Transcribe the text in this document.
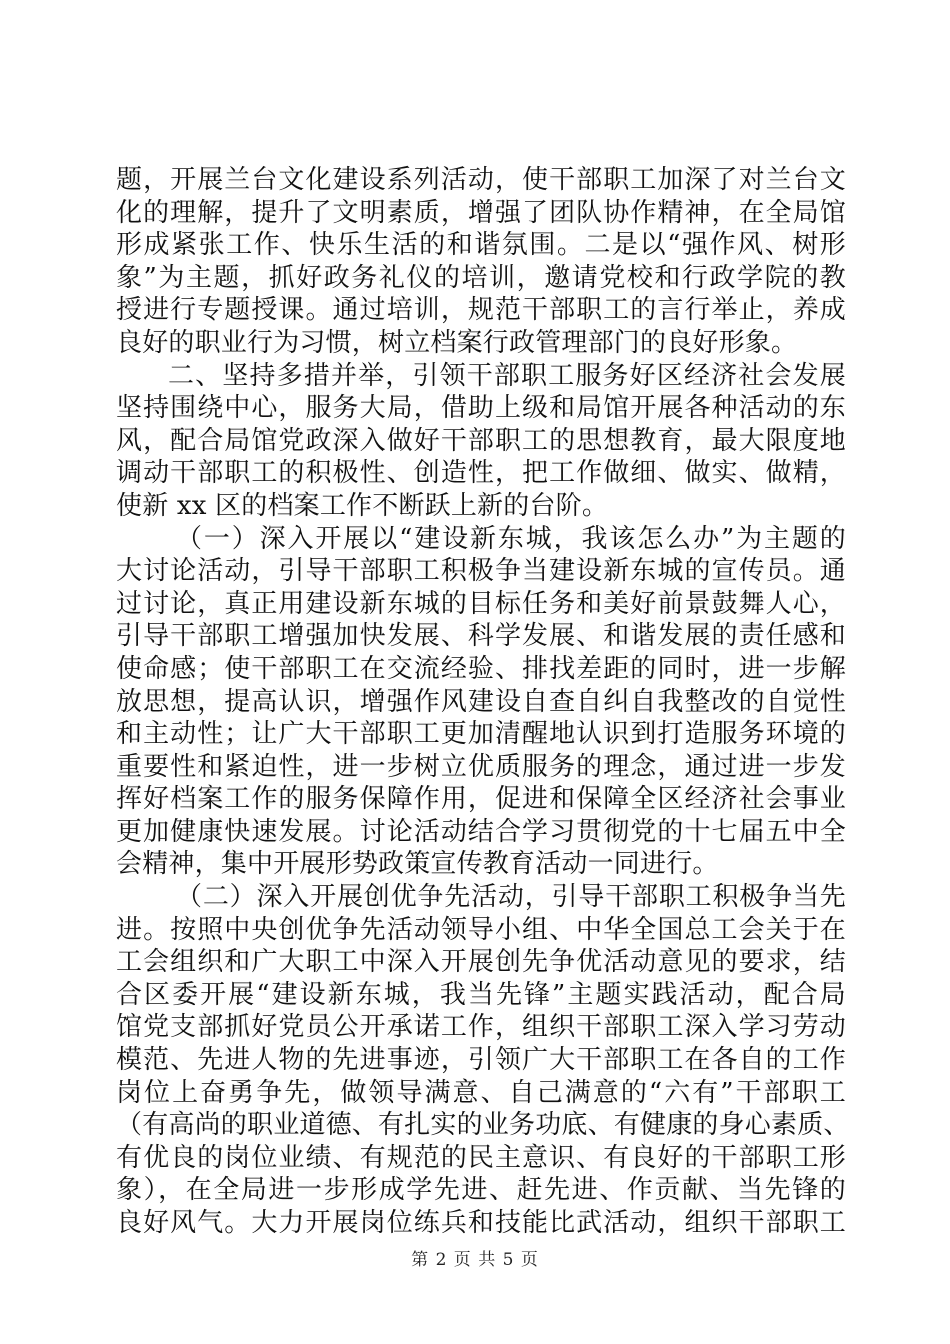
题，开展兰台文化建设系列活动，使干部职工加深了对兰台文
化的理解，提升了文明素质，增强了团队协作精神，在全局馆
形成紧张工作、快乐生活的和谐氛围。二是以“强作风、树形
象”为主题，抓好政务礼仪的培训，邀请党校和行政学院的教
授进行专题授课。通过培训，规范干部职工的言行举止，养成
良好的职业行为习惯，树立档案行政管理部门的良好形象。
二、坚持多措并举，引领干部职工服务好区经济社会发展
坚持围绕中心，服务大局，借助上级和局馆开展各种活动的东
风，配合局馆党政深入做好干部职工的思想教育，最大限度地
调动干部职工的积极性、创造性，把工作做细、做实、做精，
使新 xx 区的档案工作不断跃上新的台阶。
（一）深入开展以“建设新东城，我该怎么办”为主题的
大讨论活动，引导干部职工积极争当建设新东城的宣传员。通
过讨论，真正用建设新东城的目标任务和美好前景鼓舞人心，
引导干部职工增强加快发展、科学发展、和谐发展的责任感和
使命感；使干部职工在交流经验、排找差距的同时，进一步解
放思想，提高认识，增强作风建设自查自纠自我整改的自觉性
和主动性；让广大干部职工更加清醒地认识到打造服务环境的
重要性和紧迫性，进一步树立优质服务的理念，通过进一步发
挥好档案工作的服务保障作用，促进和保障全区经济社会事业
更加健康快速发展。讨论活动结合学习贯彻党的十七届五中全
会精神，集中开展形势政策宣传教育活动一同进行。
（二）深入开展创优争先活动，引导干部职工积极争当先
进。按照中央创优争先活动领导小组、中华全国总工会关于在
工会组织和广大职工中深入开展创先争优活动意见的要求，结
合区委开展“建设新东城，我当先锋”主题实践活动，配合局
馆党支部抓好党员公开承诺工作，组织干部职工深入学习劳动
模范、先进人物的先进事迹，引领广大干部职工在各自的工作
岗位上奋勇争先，做领导满意、自己满意的“六有”干部职工
（有高尚的职业道德、有扎实的业务功底、有健康的身心素质、
有优良的岗位业绩、有规范的民主意识、有良好的干部职工形
象），在全局进一步形成学先进、赶先进、作贡献、当先锋的
良好风气。大力开展岗位练兵和技能比武活动，组织干部职工
第 2 页 共 5 页
